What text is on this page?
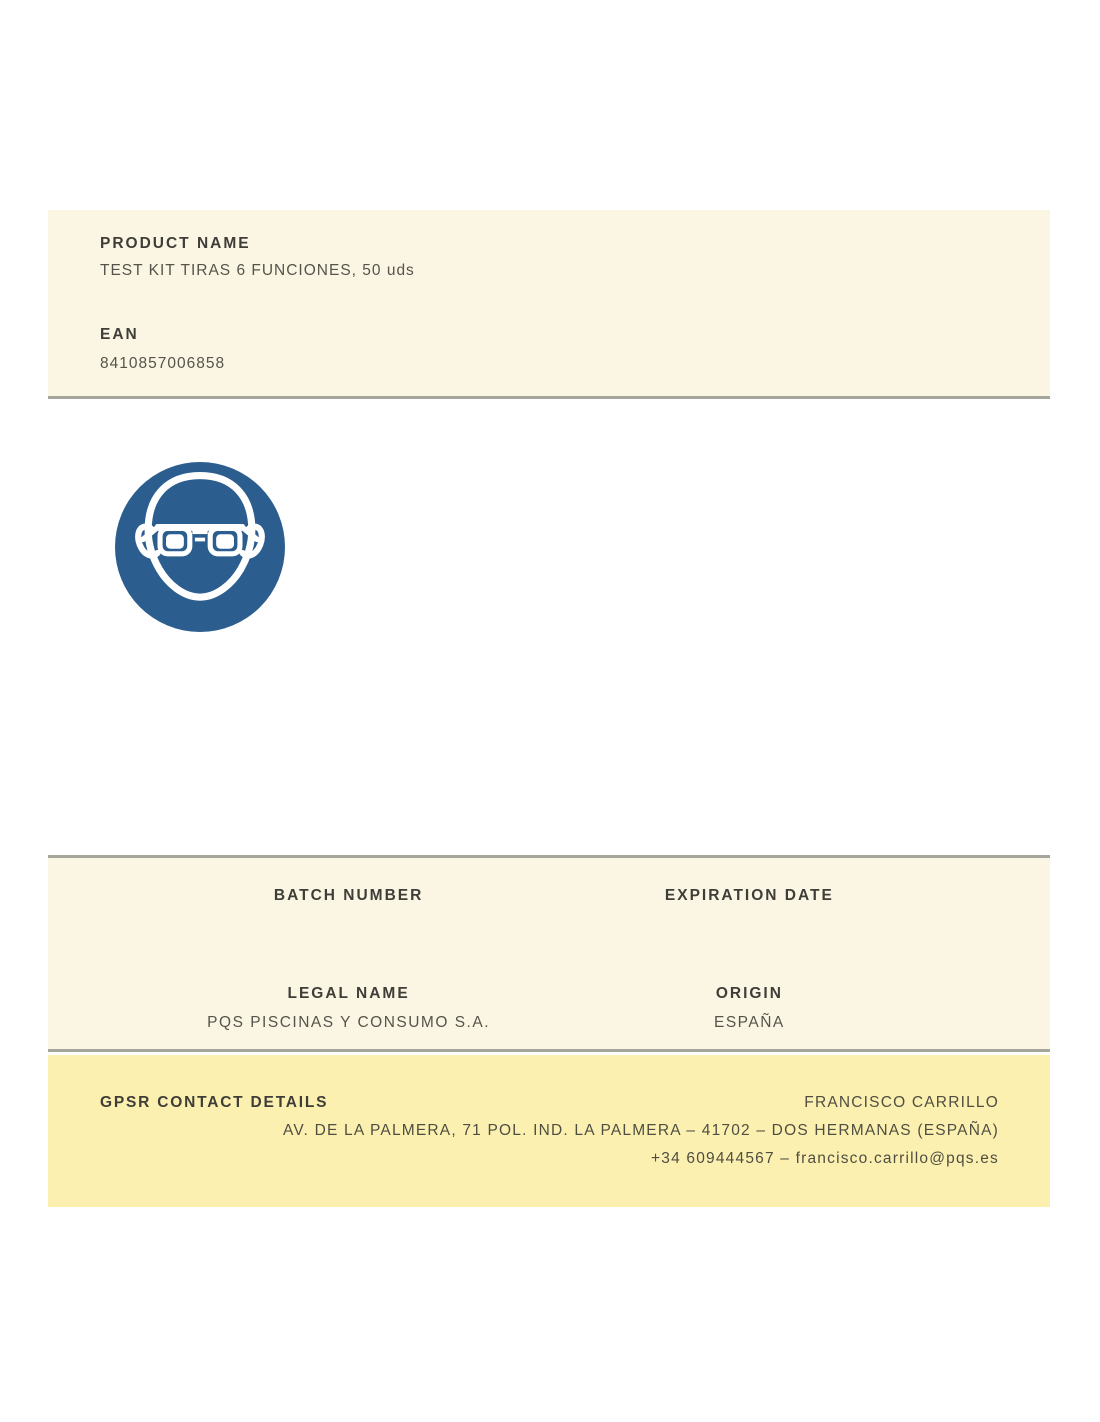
PRODUCT NAME
TEST KIT TIRAS 6 FUNCIONES, 50 uds
EAN
8410857006858
BATCH NUMBER	EXPIRATION DATE
LEGAL NAME
PQS PISCINAS Y CONSUMO S.A.
ORIGIN
ESPAÑA
GPSR CONTACT DETAILS	FRANCISCO CARRILLO
AV. DE LA PALMERA, 71 POL. IND. LA PALMERA – 41702 – DOS HERMANAS (ESPAÑA)
+34 609444567 – francisco.carrillo@pqs.es
